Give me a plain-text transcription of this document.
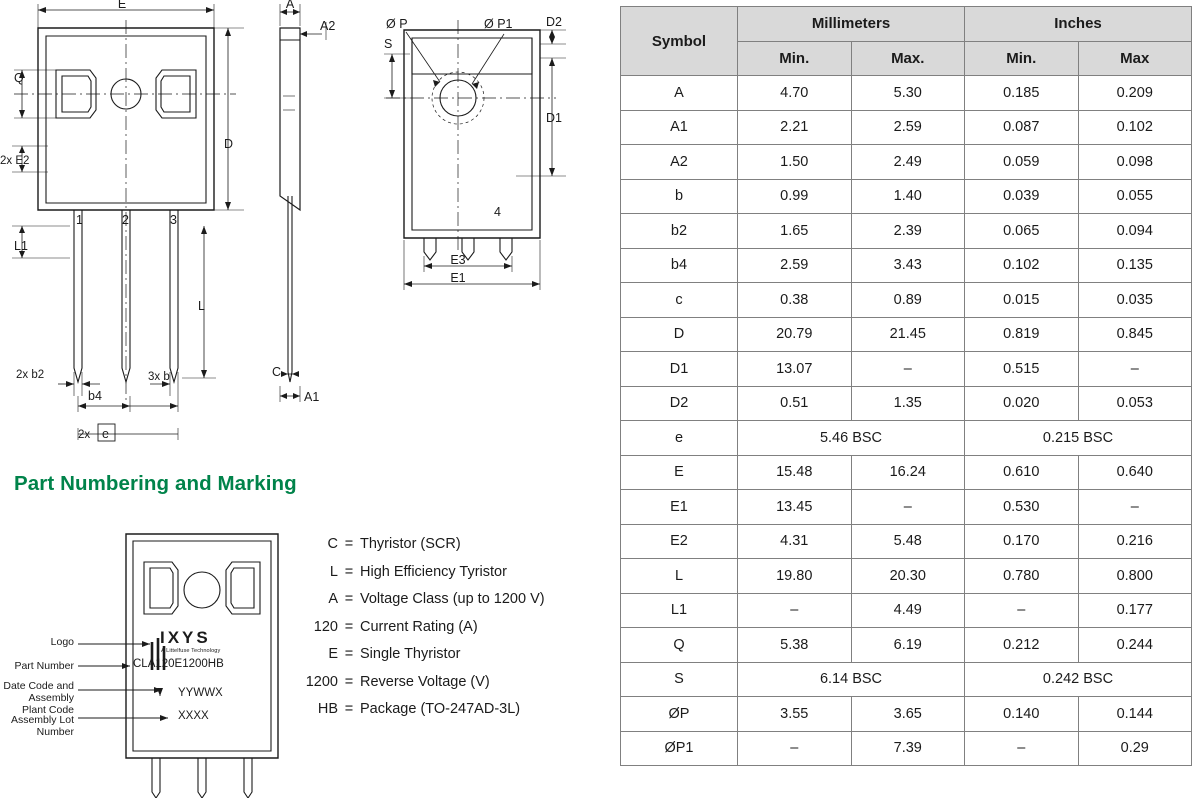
E
Q
2x E2
D
L
L1
2x b2	3x b
b4
2x e
1	2	3
A
A2
C
A1
Ø P	Ø P1	D2
D1
S
4
E3
E1
Part Numbering and Marking
Logo
Part Number
Date Code and
Assembly Plant Code
Assembly Lot Number
IXYS
A Littelfuse Technology
CLA120E1200HB
YYWWX
XXXX
C = Thyristor (SCR)
L = High Efficiency Tyristor
A = Voltage Class (up to 1200 V)
120 = Current Rating (A)
E = Single Thyristor
1200 = Reverse Voltage (V)
HB = Package (TO-247AD-3L)
Symbol	Millimeters		Inches	
	Min.	Max.	Min.	Max
A	4.70	5.30	0.185	0.209
A1	2.21	2.59	0.087	0.102
A2	1.50	2.49	0.059	0.098
b	0.99	1.40	0.039	0.055
b2	1.65	2.39	0.065	0.094
b4	2.59	3.43	0.102	0.135
c	0.38	0.89	0.015	0.035
D	20.79	21.45	0.819	0.845
D1	13.07	–	0.515	–
D2	0.51	1.35	0.020	0.053
e	5.46 BSC		0.215 BSC	
E	15.48	16.24	0.610	0.640
E1	13.45	–	0.530	–
E2	4.31	5.48	0.170	0.216
L	19.80	20.30	0.780	0.800
L1	–	4.49	–	0.177
Q	5.38	6.19	0.212	0.244
S	6.14 BSC		0.242 BSC	
ØP	3.55	3.65	0.140	0.144
ØP1	–	7.39	–	0.29
